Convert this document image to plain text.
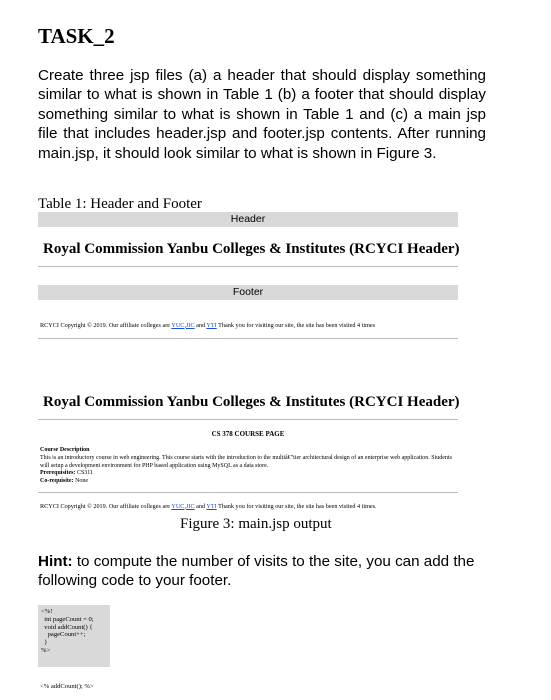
TASK_2
Create three jsp files (a) a header that should display something similar to what is shown in Table 1 (b) a footer that should display something similar to what is shown in Table 1 and (c) a main jsp file that includes header.jsp and footer.jsp contents. After running main.jsp, it should look similar to what is shown in Figure 3.
Table 1: Header and Footer
Header
Royal Commission Yanbu Colleges & Institutes (RCYCI Header)
Footer
RCYCI Copyright © 2019. Our affiliate colleges are YUC,JIC and YTI Thank you for visiting our site, the site has been visited 4 times
Royal Commission Yanbu Colleges & Institutes (RCYCI Header)
CS 378 COURSE PAGE
Course Description
This is an introductory course in web engineering. This course starts with the introduction to the multiâ€"tier architectural design of an enterprise web application. Students will setup a development environment for PHP based application using MySQL as a data store.
Prerequisites: CS311
Co-requisite: None
RCYCI Copyright © 2019. Our affiliate colleges are YUC,JIC and YTI Thank you for visiting our site, the site has been visited 4 times.
Figure 3: main.jsp output
Hint: to compute the number of visits to the site, you can add the following code to your footer.
<%!
int pageCount = 0;
void addCount() {
pageCount++;
}
%>
<% addCount(); %>
